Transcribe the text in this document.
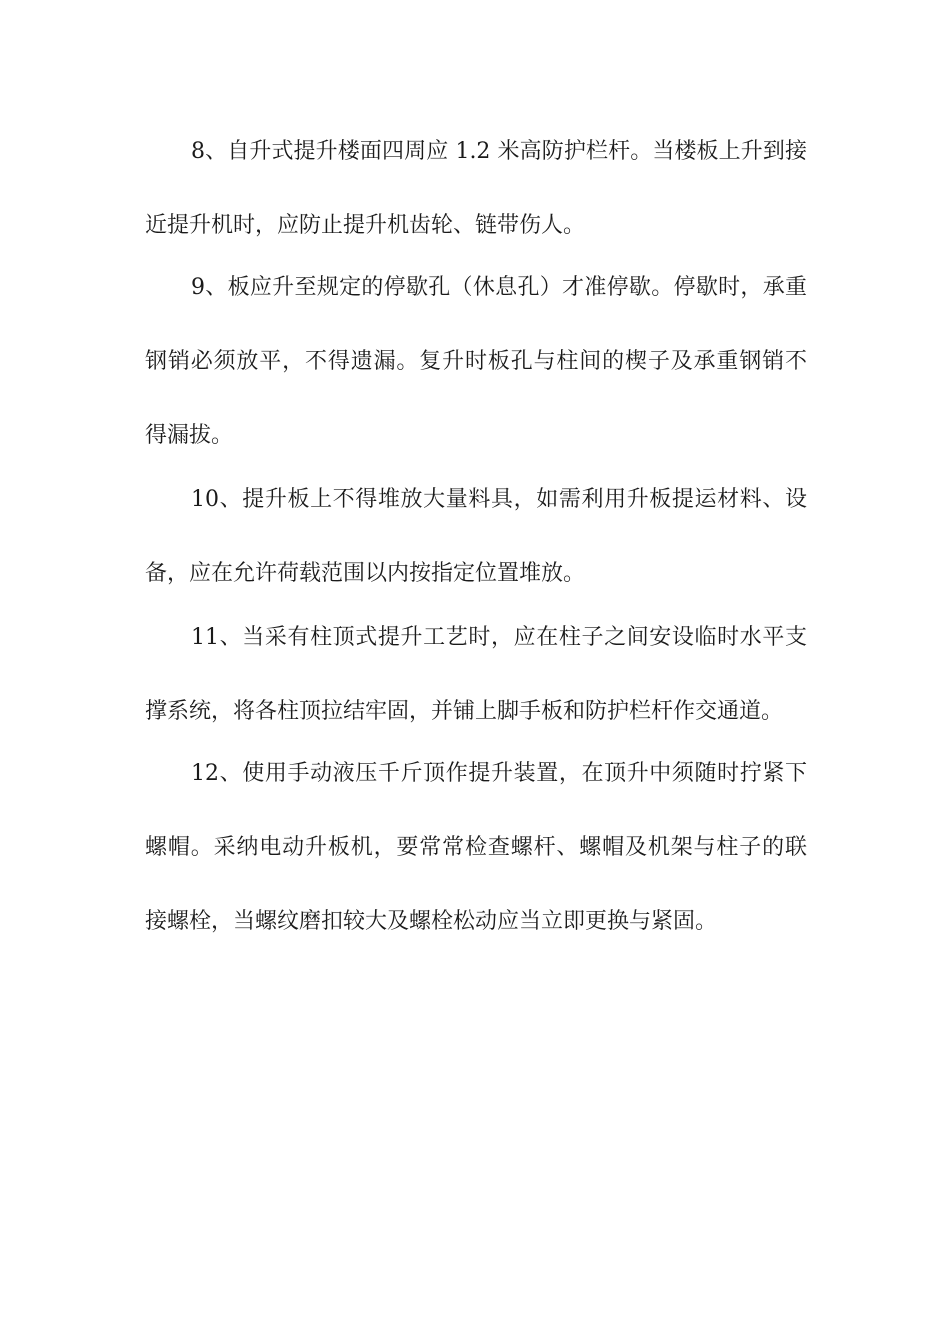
8、自升式提升楼面四周应 1.2 米高防护栏杆。当楼板上升到接
近提升机时，应防止提升机齿轮、链带伤人。
9、板应升至规定的停歇孔（休息孔）才准停歇。停歇时，承重
钢销必须放平，不得遗漏。复升时板孔与柱间的楔子及承重钢销不
得漏拔。
10、提升板上不得堆放大量料具，如需利用升板提运材料、设
备，应在允许荷载范围以内按指定位置堆放。
11、当采有柱顶式提升工艺时，应在柱子之间安设临时水平支
撑系统，将各柱顶拉结牢固，并铺上脚手板和防护栏杆作交通道。
12、使用手动液压千斤顶作提升装置，在顶升中须随时拧紧下
螺帽。采纳电动升板机，要常常检查螺杆、螺帽及机架与柱子的联
接螺栓，当螺纹磨扣较大及螺栓松动应当立即更换与紧固。
